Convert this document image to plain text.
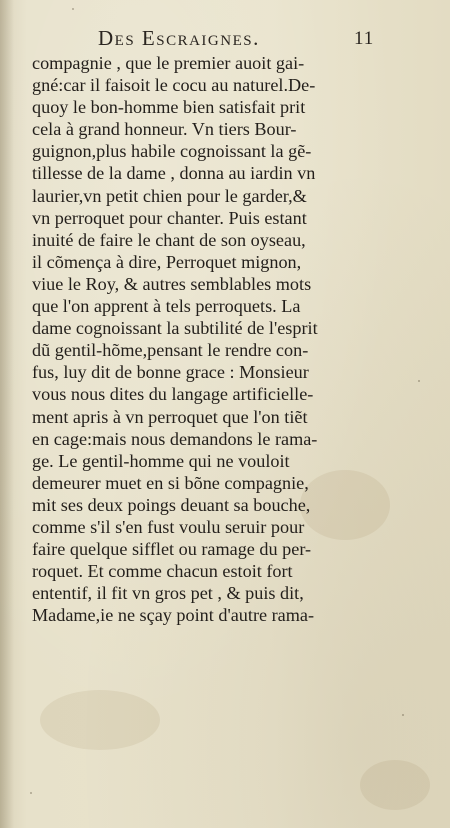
Des Escraignes.	11
compagnie , que le premier auoit gai-
gné:car il faisoit le cocu au naturel.De-
quoy le bon-homme bien satisfait prit
cela à grand honneur. Vn tiers Bour-
guignon,plus habile cognoissant la gẽ-
tillesse de la dame , donna au iardin vn
laurier,vn petit chien pour le garder,&
vn perroquet pour chanter. Puis estant
inuité de faire le chant de son oyseau,
il cõmença à dire, Perroquet mignon,
viue le Roy, & autres semblables mots
que l'on apprent à tels perroquets. La
dame cognoissant la subtilité de l'esprit
dũ gentil-hõme,pensant le rendre con-
fus, luy dit de bonne grace : Monsieur
vous nous dites du langage artificielle-
ment apris à vn perroquet que l'on tiẽt
en cage:mais nous demandons le rama-
ge. Le gentil-homme qui ne vouloit
demeurer muet en si bõne compagnie,
mit ses deux poings deuant sa bouche,
comme s'il s'en fust voulu seruir pour
faire quelque sifflet ou ramage du per-
roquet. Et comme chacun estoit fort
ententif, il fit vn gros pet , & puis dit,
Madame,ie ne sçay point d'autre rama-
